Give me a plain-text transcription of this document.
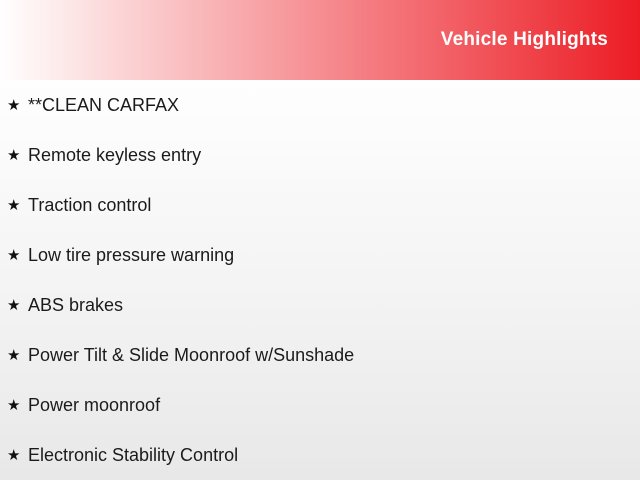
Vehicle Highlights
★ **CLEAN CARFAX
★ Remote keyless entry
★ Traction control
★ Low tire pressure warning
★ ABS brakes
★ Power Tilt & Slide Moonroof w/Sunshade
★ Power moonroof
★ Electronic Stability Control
